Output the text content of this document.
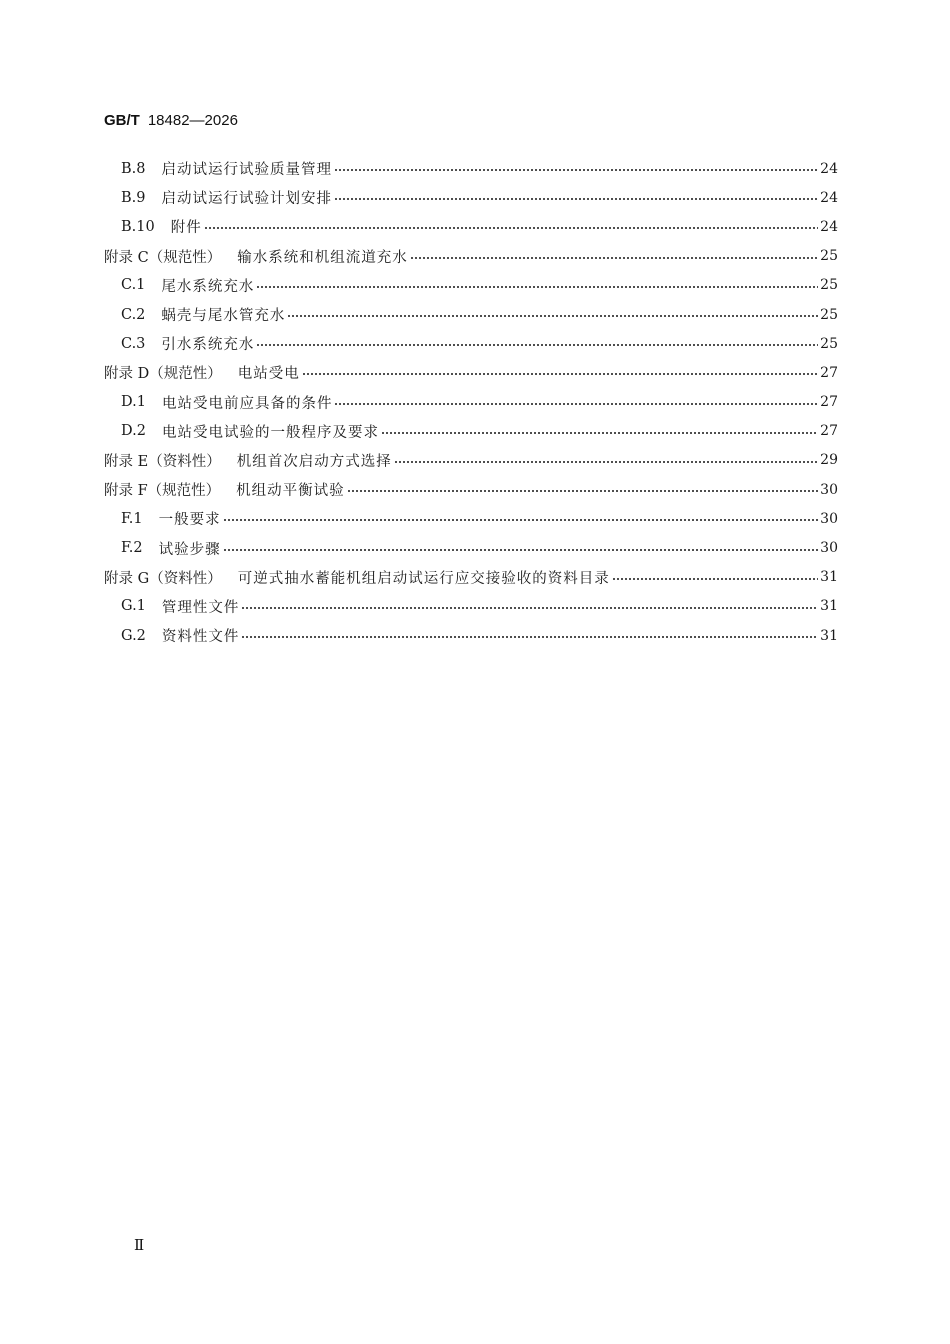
GB/T 18482—2026
B.8 启动试运行试验质量管理	24
B.9 启动试运行试验计划安排	24
B.10 附件	24
附录 C（规范性） 输水系统和机组流道充水	25
C.1 尾水系统充水	25
C.2 蜗壳与尾水管充水	25
C.3 引水系统充水	25
附录 D（规范性） 电站受电	27
D.1 电站受电前应具备的条件	27
D.2 电站受电试验的一般程序及要求	27
附录 E（资料性） 机组首次启动方式选择	29
附录 F（规范性） 机组动平衡试验	30
F.1 一般要求	30
F.2 试验步骤	30
附录 G（资料性） 可逆式抽水蓄能机组启动试运行应交接验收的资料目录	31
G.1 管理性文件	31
G.2 资料性文件	31
Ⅱ
